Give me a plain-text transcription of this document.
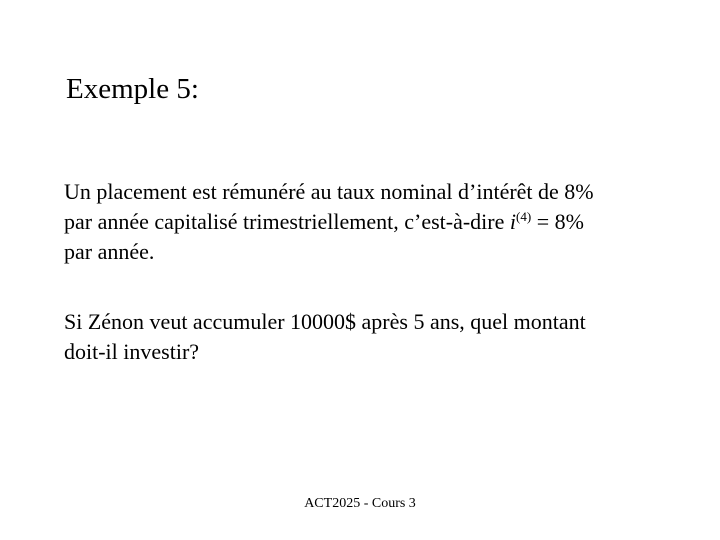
Exemple 5:
Un placement est rémunéré au taux nominal d’intérêt de 8%
par année capitalisé trimestriellement, c’est-à-dire $i^{(4)} = 8\%$
par année.
Si Zénon veut accumuler 10000$ après 5 ans, quel montant
doit-il investir?
ACT2025 - Cours 3
